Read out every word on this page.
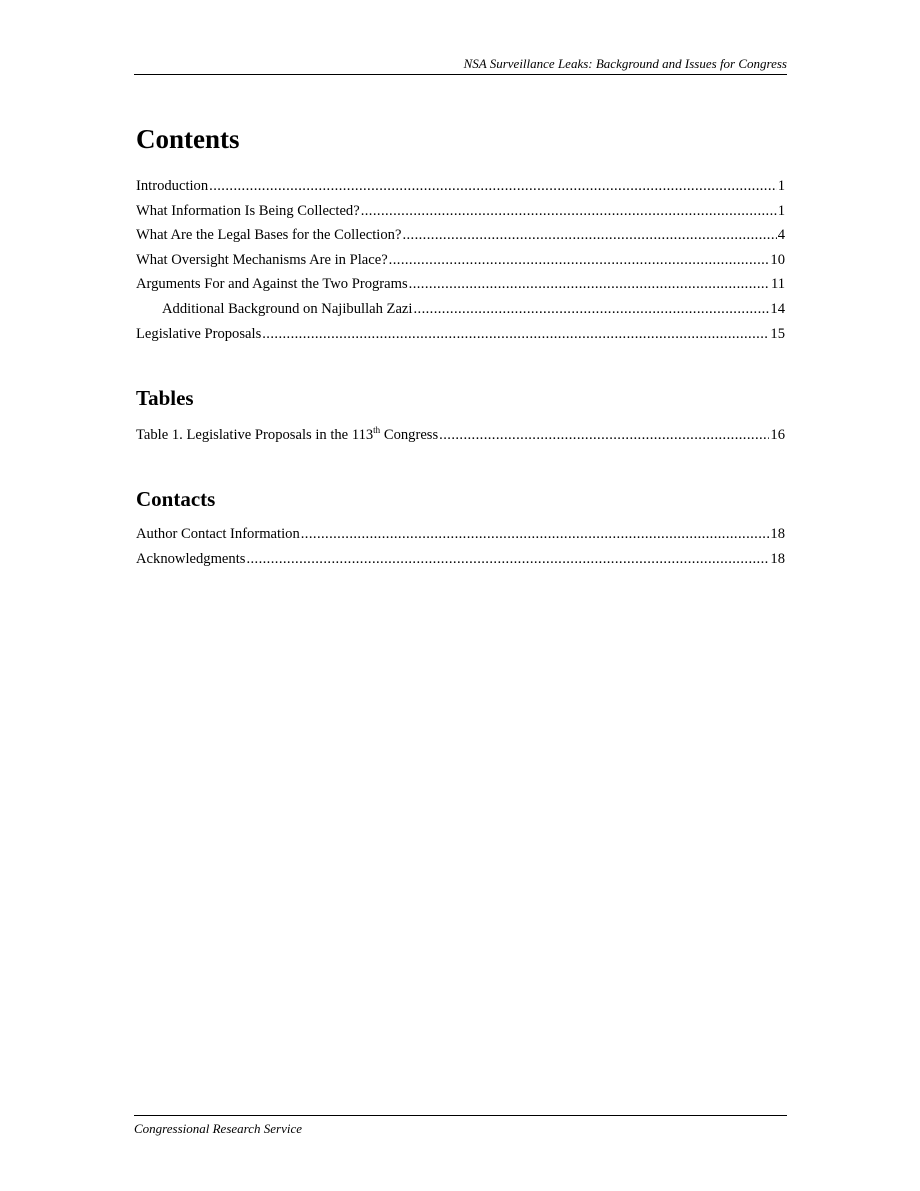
NSA Surveillance Leaks: Background and Issues for Congress
Contents
Introduction .....	1
What Information Is Being Collected? .....	1
What Are the Legal Bases for the Collection? .....	4
What Oversight Mechanisms Are in Place? .....	10
Arguments For and Against the Two Programs .....	11
Additional Background on Najibullah Zazi .....	14
Legislative Proposals .....	15
Tables
Table 1. Legislative Proposals in the 113th Congress .....	16
Contacts
Author Contact Information .....	18
Acknowledgments .....	18
Congressional Research Service
